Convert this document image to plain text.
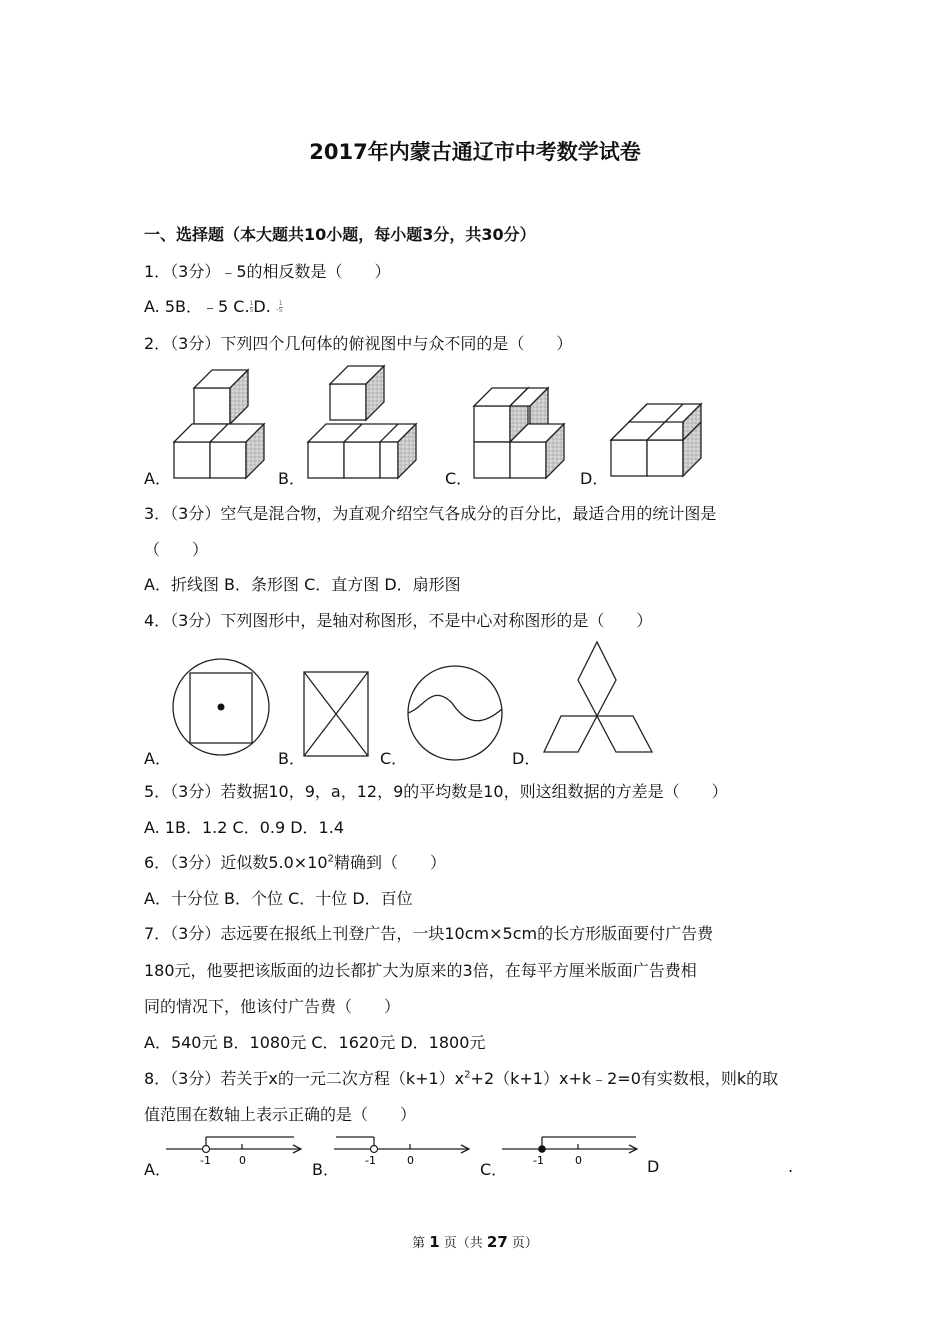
2017年内蒙古通辽市中考数学试卷
一、选择题（本大题共10小题，每小题3分，共30分）
1．（3分）﹣5的相反数是（　　）
A. 5B．﹣5 C. $\frac{1}{5} D$. - $\frac{1}{5}$
2．（3分）下列四个几何体的俯视图中与众不同的是（　　）
A．	B．	C．	D．
3．（3分）空气是混合物，为直观介绍空气各成分的百分比，最适合用的统计图是
（　　）
A．折线图 B．条形图 C．直方图 D．扇形图
4．（3分）下列图形中，是轴对称图形，不是中心对称图形的是（　　）
A．	B．	C．	D．
5．（3分）若数据10，9，a，12，9的平均数是10，则这组数据的方差是（　　）
A. 1B．1.2 C．0.9 D．1.4
6．（3分）近似数$5.0\times 10^2$精确到（　　）
A．十分位 B．个位 C．十位 D．百位
7．（3分）志远要在报纸上刊登广告，一块10cm×5cm的长方形版面要付广告费
180元，他要把该版面的边长都扩大为原来的3倍，在每平方厘米版面广告费相
同的情况下，他该付广告费（　　）
A．540元 B．1080元 C．1620元 D．1800元
8．（3分）若关于x的一元二次方程$(k+1)x^2+2(k+1)x+k﹣2=0$有实数根，则k的取
值范围在数轴上表示正确的是（　　）
-1	0
A．	-1	0
B．	-1	0
C．	D	.
第 1 页（共 27 页）
